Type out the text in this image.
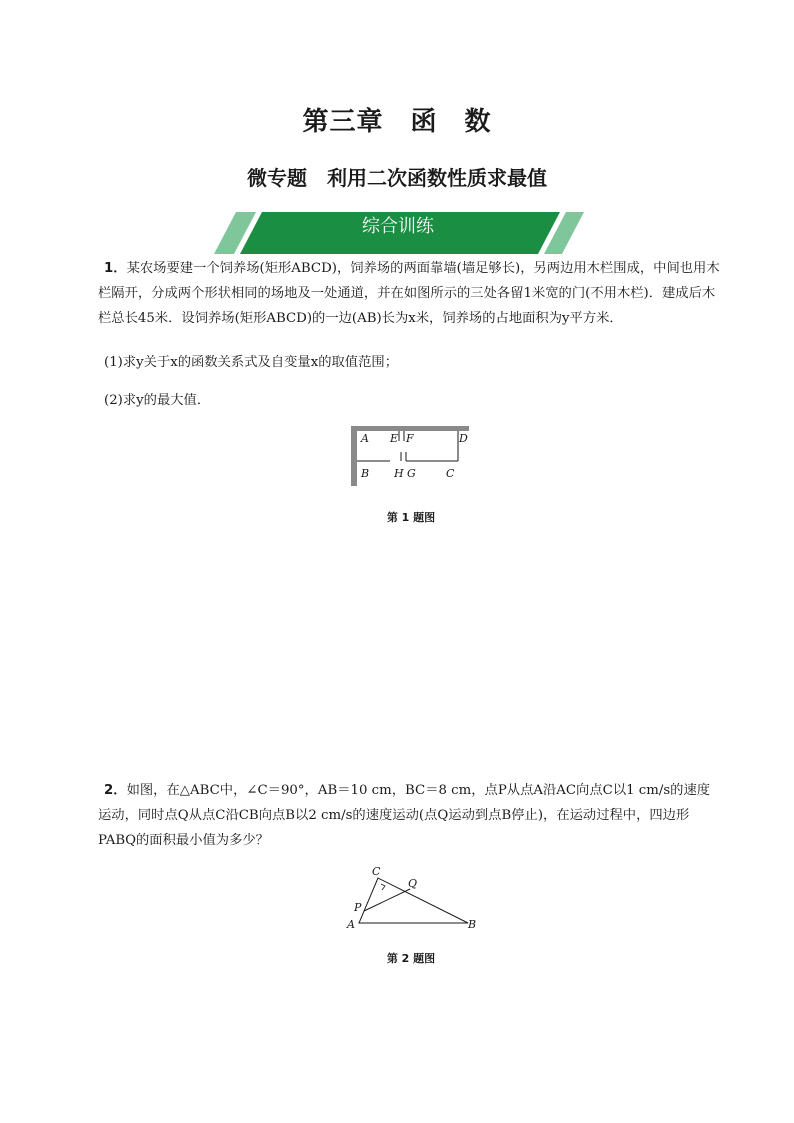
第三章　函　数
微专题　利用二次函数性质求最值
综合训练

1．某农场要建一个饲养场(矩形ABCD)，饲养场的两面靠墙(墙足够长)，另两边用木栏围成，中间也用木栏隔开，分成两个形状相同的场地及一处通道，并在如图所示的三处各留1米宽的门(不用木栏)．建成后木栏总长45米．设饲养场(矩形ABCD)的一边(AB)长为x米，饲养场的占地面积为y平方米．

(1)求y关于x的函数关系式及自变量x的取值范围；
(2)求y的最大值．
A E F	D
B H G	C
第 1 题图

2．如图，在△ABC中，∠C＝90°，AB＝10 cm，BC＝8 cm，点P从点A沿AC向点C以1 cm/s的速度运动，同时点Q从点C沿CB向点B以2 cm/s的速度运动(点Q运动到点B停止)，在运动过程中，四边形PABQ的面积最小值为多少？

C
Q
P
A	B
第 2 题图
